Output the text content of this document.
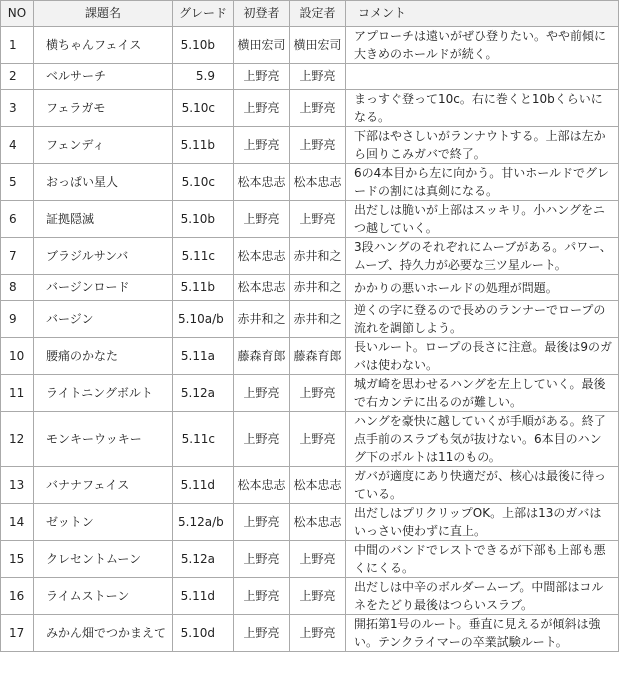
NO	課題名	グレード	初登者	設定者	コメント
1	横ちゃんフェイス	5.10b	横田宏司	横田宏司	アプローチは遠いがぜひ登りたい。やや前傾に大きめのホールドが続く。
2	ベルサーチ	5.9	上野亮	上野亮	
3	フェラガモ	5.10c	上野亮	上野亮	まっすぐ登って10c。右に巻くと10bくらいになる。
4	フェンディ	5.11b	上野亮	上野亮	下部はやさしいがランナウトする。上部は左から回りこみガバで終了。
5	おっぱい星人	5.10c	松本忠志	松本忠志	6の4本目から左に向かう。甘いホールドでグレードの割には真剣になる。
6	証拠隠滅	5.10b	上野亮	上野亮	出だしは脆いが上部はスッキリ。小ハングをニつ越していく。
7	ブラジルサンバ	5.11c	松本忠志	赤井和之	3段ハングのそれぞれにムーブがある。パワー、ムーブ、持久力が必要な三ツ星ルート。
8	バージンロード	5.11b	松本忠志	赤井和之	かかりの悪いホールドの処理が問題。
9	バージン	5.10a/b	赤井和之	赤井和之	逆くの字に登るので長めのランナーでロープの流れを調節しよう。
10	腰痛のかなた	5.11a	藤森育郎	藤森育郎	長いルート。ロープの長さに注意。最後は9のガバは使わない。
11	ライトニングボルト	5.12a	上野亮	上野亮	城ガ崎を思わせるハングを左上していく。最後で右カンテに出るのが難しい。
12	モンキーウッキー	5.11c	上野亮	上野亮	ハングを豪快に越していくが手順がある。終了点手前のスラブも気が抜けない。6本目のハング下のボルトは11のもの。
13	バナナフェイス	5.11d	松本忠志	松本忠志	ガバが適度にあり快適だが、核心は最後に待っている。
14	ゼットン	5.12a/b	上野亮	松本忠志	出だしはプリクリップOK。上部は13のガバはいっさい使わずに直上。
15	クレセントムーン	5.12a	上野亮	上野亮	中間のバンドでレストできるが下部も上部も悪くにくる。
16	ライムストーン	5.11d	上野亮	上野亮	出だしは中辛のボルダームーブ。中間部はコルネをたどり最後はつらいスラブ。
17	みかん畑でつかまえて	5.10d	上野亮	上野亮	開拓第1号のルート。垂直に見えるが傾斜は強い。テンクライマーの卒業試験ルート。
